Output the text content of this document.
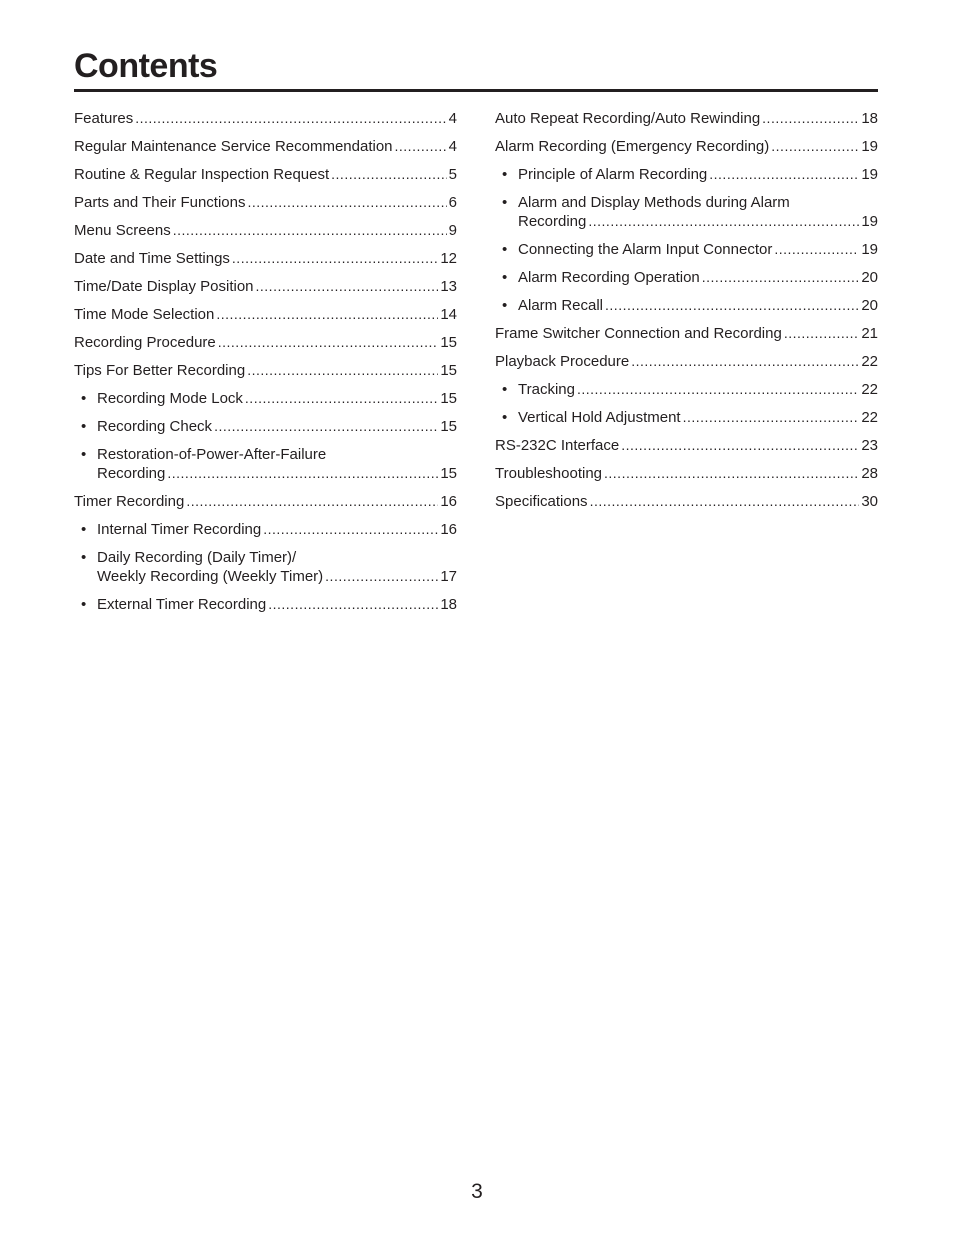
Contents
Features .....	4
Regular Maintenance Service Recommendation .....	4
Routine & Regular Inspection Request .....	5
Parts and Their Functions .....	6
Menu Screens .....	9
Date and Time Settings .....	12
Time/Date Display Position .....	13
Time Mode Selection .....	14
Recording Procedure .....	15
Tips For Better Recording .....	15
• Recording Mode Lock .....	15
• Recording Check .....	15
• Restoration-of-Power-After-Failure
Recording .....	15
Timer Recording .....	16
• Internal Timer Recording .....	16
• Daily Recording (Daily Timer)/
Weekly Recording (Weekly Timer) .....	17
• External Timer Recording .....	18
Auto Repeat Recording/Auto Rewinding .....	18
Alarm Recording (Emergency Recording) .....	19
• Principle of Alarm Recording .....	19
• Alarm and Display Methods during Alarm
Recording .....	19
• Connecting the Alarm Input Connector .....	19
• Alarm Recording Operation .....	20
• Alarm Recall .....	20
Frame Switcher Connection and Recording .....	21
Playback Procedure .....	22
• Tracking .....	22
• Vertical Hold Adjustment .....	22
RS-232C Interface .....	23
Troubleshooting .....	28
Specifications .....	30
3
